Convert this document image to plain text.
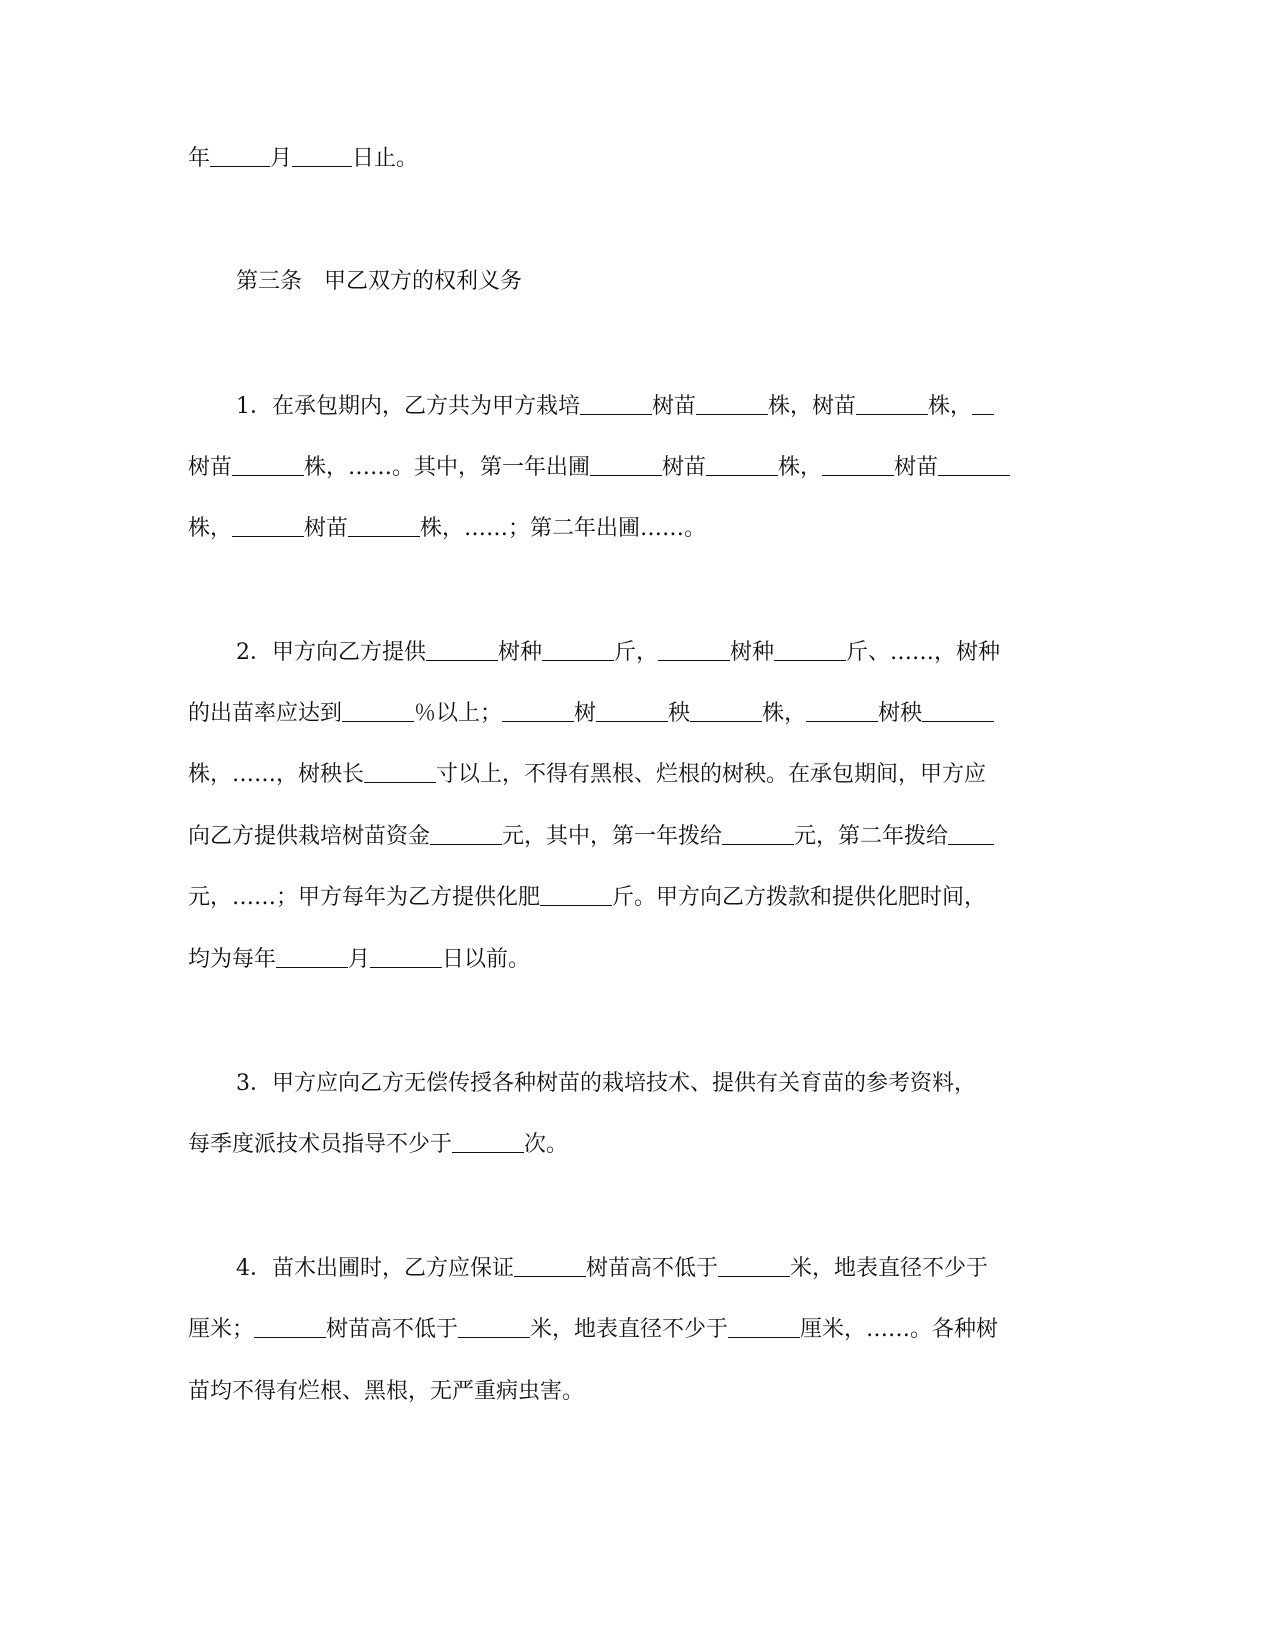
年	月	日止。
第三条 甲乙双方的权利义务
1．在承包期内，乙方共为甲方栽培	树苗	株，树苗	株，
树苗	株，……。其中，第一年出圃	树苗	株，	树苗
株，	树苗	株，……；第二年出圃……。
2．甲方向乙方提供	树种	斤，	树种	斤、……，树种
的出苗率应达到	％以上；	树	秧	株，	树秧
株，……，树秧长	寸以上，不得有黑根、烂根的树秧。在承包期间，甲方应
向乙方提供栽培树苗资金	元，其中，第一年拨给	元，第二年拨给
元，……；甲方每年为乙方提供化肥	斤。甲方向乙方拨款和提供化肥时间，
均为每年	月	日以前。
3．甲方应向乙方无偿传授各种树苗的栽培技术、提供有关育苗的参考资料，
每季度派技术员指导不少于	次。
4．苗木出圃时，乙方应保证	树苗高不低于	米，地表直径不少于
厘米；	树苗高不低于	米，地表直径不少于	厘米，……。各种树
苗均不得有烂根、黑根，无严重病虫害。
